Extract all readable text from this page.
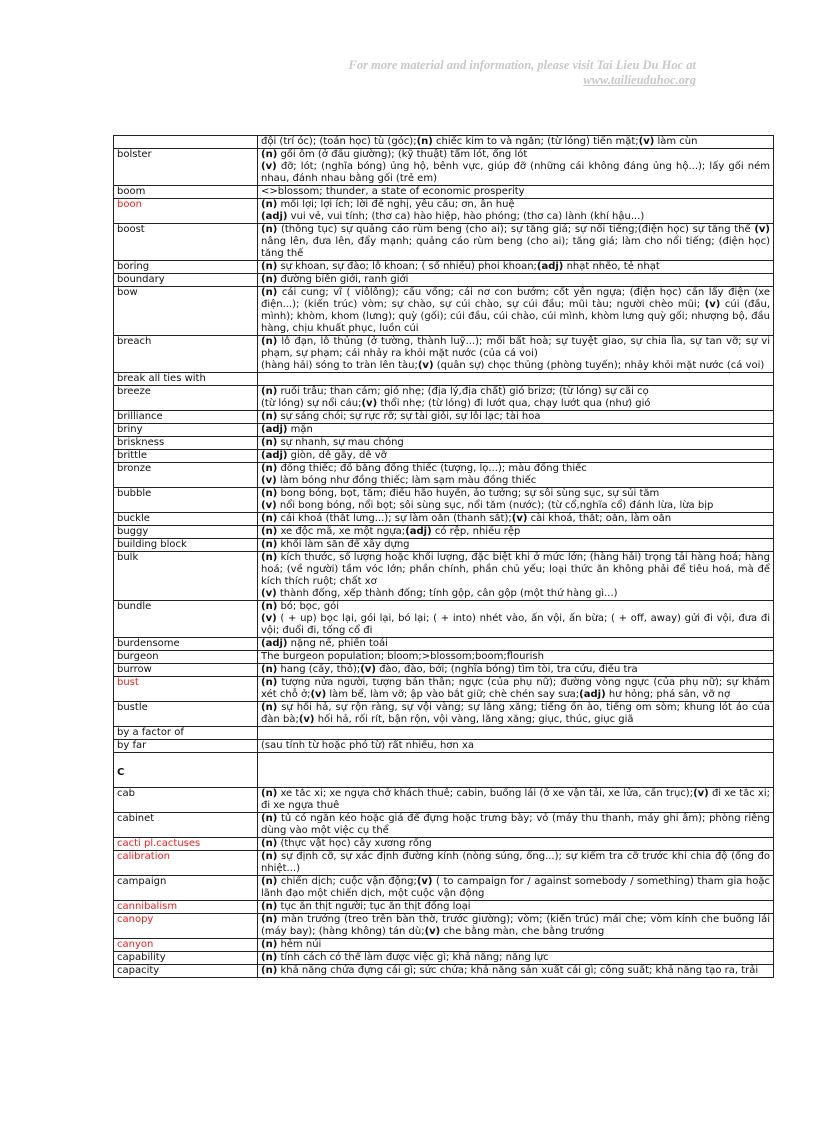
For more material and information, please visit Tai Lieu Du Hoc at
www.tailieuduhoc.org

	đội (trí óc); (toán học) tù (góc);(n) chiếc kim to và ngắn; (từ lóng) tiền mặt;(v) làm cùn

bolster	(n) gối ôm (ở đầu giường); (kỹ thuật) tấm lót, ống lót
(v) đỡ; lót; (nghĩa bóng) ủng hộ, bênh vực, giúp đỡ (những cái không đáng ủng hộ...); lấy gối ném nhau, đánh nhau bằng gối (trẻ em)

boom	<>blossom; thunder, a state of economic prosperity

boon	(n) mối lợi; lợi ích; lời đề nghị, yêu cầu; ơn, ân huệ
(adj) vui vẻ, vui tính; (thơ ca) hào hiệp, hào phóng; (thơ ca) lành (khí hậu...)

boost	(n) (thông tục) sự quảng cáo rùm beng (cho ai); sự tăng giá; sự nổi tiếng;(điện học) sự tăng thế (v) nâng lên, đưa lên, đẩy mạnh; quảng cáo rùm beng (cho ai); tăng giá; làm cho nổi tiếng; (điện học) tăng thế

boring	(n) sự khoan, sự đào; lỗ khoan; ( số nhiều) phoi khoan;(adj) nhạt nhẽo, tẻ nhạt

boundary	(n) đường biên giới, ranh giới

bow	(n) cái cung; vĩ ( viôlông); cầu vồng; cái nơ con bướm; cốt yên ngựa; (điện học) cần lấy điện (xe điện...); (kiến trúc) vòm; sự chào, sự cúi chào, sự cúi đầu; mũi tàu; người chèo mũi; (v) cúi (đầu, mình); khòm, khom (lưng); quỳ (gối); cúi đầu, cúi chào, cúi mình, khòm lưng quỳ gối; nhượng bộ, đầu hàng, chịu khuất phục, luồn cúi

breach	(n) lỗ đạn, lỗ thủng (ở tường, thành luỹ...); mối bất hoà; sự tuyệt giao, sự chia lìa, sự tan vỡ; sự vi phạm, sự phạm; cái nhảy ra khỏi mặt nước (của cá voi)
(hàng hải) sóng to tràn lên tàu;(v) (quân sự) chọc thủng (phòng tuyến); nhảy khỏi mặt nước (cá voi)

break all ties with	

breeze	(n) ruồi trâu; than cám; gió nhẹ; (địa lý,địa chất) gió brizơ; (từ lóng) sự cãi cọ
(từ lóng) sự nổi cáu;(v) thổi nhẹ; (từ lóng) đi lướt qua, chạy lướt qua (như) gió

brilliance	(n) sự sáng chói; sự rực rỡ; sự tài giỏi, sự lỗi lạc; tài hoa

briny	(adj) mặn

briskness	(n) sự nhanh, sự mau chóng

brittle	(adj) giòn, dễ gãy, dễ vỡ

bronze	(n) đồng thiếc; đồ bằng đồng thiếc (tượng, lọ...); màu đồng thiếc
(v) làm bóng như đồng thiếc; làm sạm màu đồng thiếc

bubble	(n) bong bóng, bọt, tăm; điều hão huyền, ảo tưởng; sự sôi sùng sục, sự sủi tăm
(v) nổi bong bóng, nổi bọt; sôi sùng sục, nổi tăm (nước); (từ cổ,nghĩa cổ) đánh lừa, lừa bịp

buckle	(n) cái khoá (thắt lưng...); sự làm oằn (thanh sắt);(v) cài khoá, thắt; oằn, làm oằn

buggy	(n) xe độc mã, xe một ngựa;(adj) có rệp, nhiều rệp

building block	(n) khối làm sẵn để xây dựng

bulk	(n) kích thước, số lượng hoặc khối lượng, đặc biệt khi ở mức lớn; (hàng hải) trọng tải hàng hoá; hàng hoá; (về người) tầm vóc lớn; phần chính, phần chủ yếu; loại thức ăn không phải để tiêu hoá, mà để kích thích ruột; chất xơ
(v) thành đống, xếp thành đống; tính gộp, cân gộp (một thứ hàng gì...)

bundle	(n) bó; bọc, gói
(v) ( + up) bọc lại, gói lại, bó lại; ( + into) nhét vào, ấn vội, ấn bừa; ( + off, away) gửi đi vội, đưa đi vội; đuổi đi, tống cổ đi

burdensome	(adj) nặng nề, phiền toái

burgeon	The burgeon population; bloom;>blossom;boom;flourish

burrow	(n) hang (cầy, thỏ);(v) đào, đào, bới; (nghĩa bóng) tìm tòi, tra cứu, điều tra

bust	(n) tượng nửa người, tượng bán thân; ngực (của phụ nữ); đường vòng ngực (của phụ nữ); sự khám xét chỗ ở;(v) làm bể, làm vỡ; ập vào bắt giữ; chè chén say sưa;(adj) hư hỏng; phá sản, vỡ nợ

bustle	(n) sự hối hả, sự rộn ràng, sự vội vàng; sự lăng xăng; tiếng ồn ào, tiếng om sòm; khung lót áo của đàn bà;(v) hối hả, rối rít, bận rộn, vội vàng, lăng xăng; giục, thúc, giục giã

by a factor of	

by far	(sau tính từ hoặc phó từ) rất nhiều, hơn xa

C	

cab	(n) xe tắc xi; xe ngựa chở khách thuê; cabin, buồng lái (ở xe vận tải, xe lửa, cần trục);(v) đi xe tắc xi; đi xe ngựa thuê

cabinet	(n) tủ có ngăn kéo hoặc giá để đựng hoặc trưng bày; vỏ (máy thu thanh, máy ghi âm); phòng riêng dùng vào một việc cụ thể

cacti pl.cactuses	(n) (thực vật học) cây xương rồng

calibration	(n) sự định cỡ, sự xác định đường kính (nòng súng, ống...); sự kiểm tra cỡ trước khi chia độ (ống đo nhiệt...)

campaign	(n) chiến dịch; cuộc vận động;(v) ( to campaign for / against somebody / something) tham gia hoặc lãnh đạo một chiến dịch, một cuộc vận động

cannibalism	(n) tục ăn thịt người; tục ăn thịt đồng loại

canopy	(n) màn trướng (treo trên bàn thờ, trước giường); vòm; (kiến trúc) mái che; vòm kính che buồng lái (máy bay); (hàng không) tán dù;(v) che bằng màn, che bằng trướng

canyon	(n) hẻm núi

capability	(n) tính cách có thể làm được việc gì; khả năng; năng lực

capacity	(n) khả năng chứa đựng cái gì; sức chứa; khả năng sản xuất cái gì; công suất; khả năng tạo ra, trải
